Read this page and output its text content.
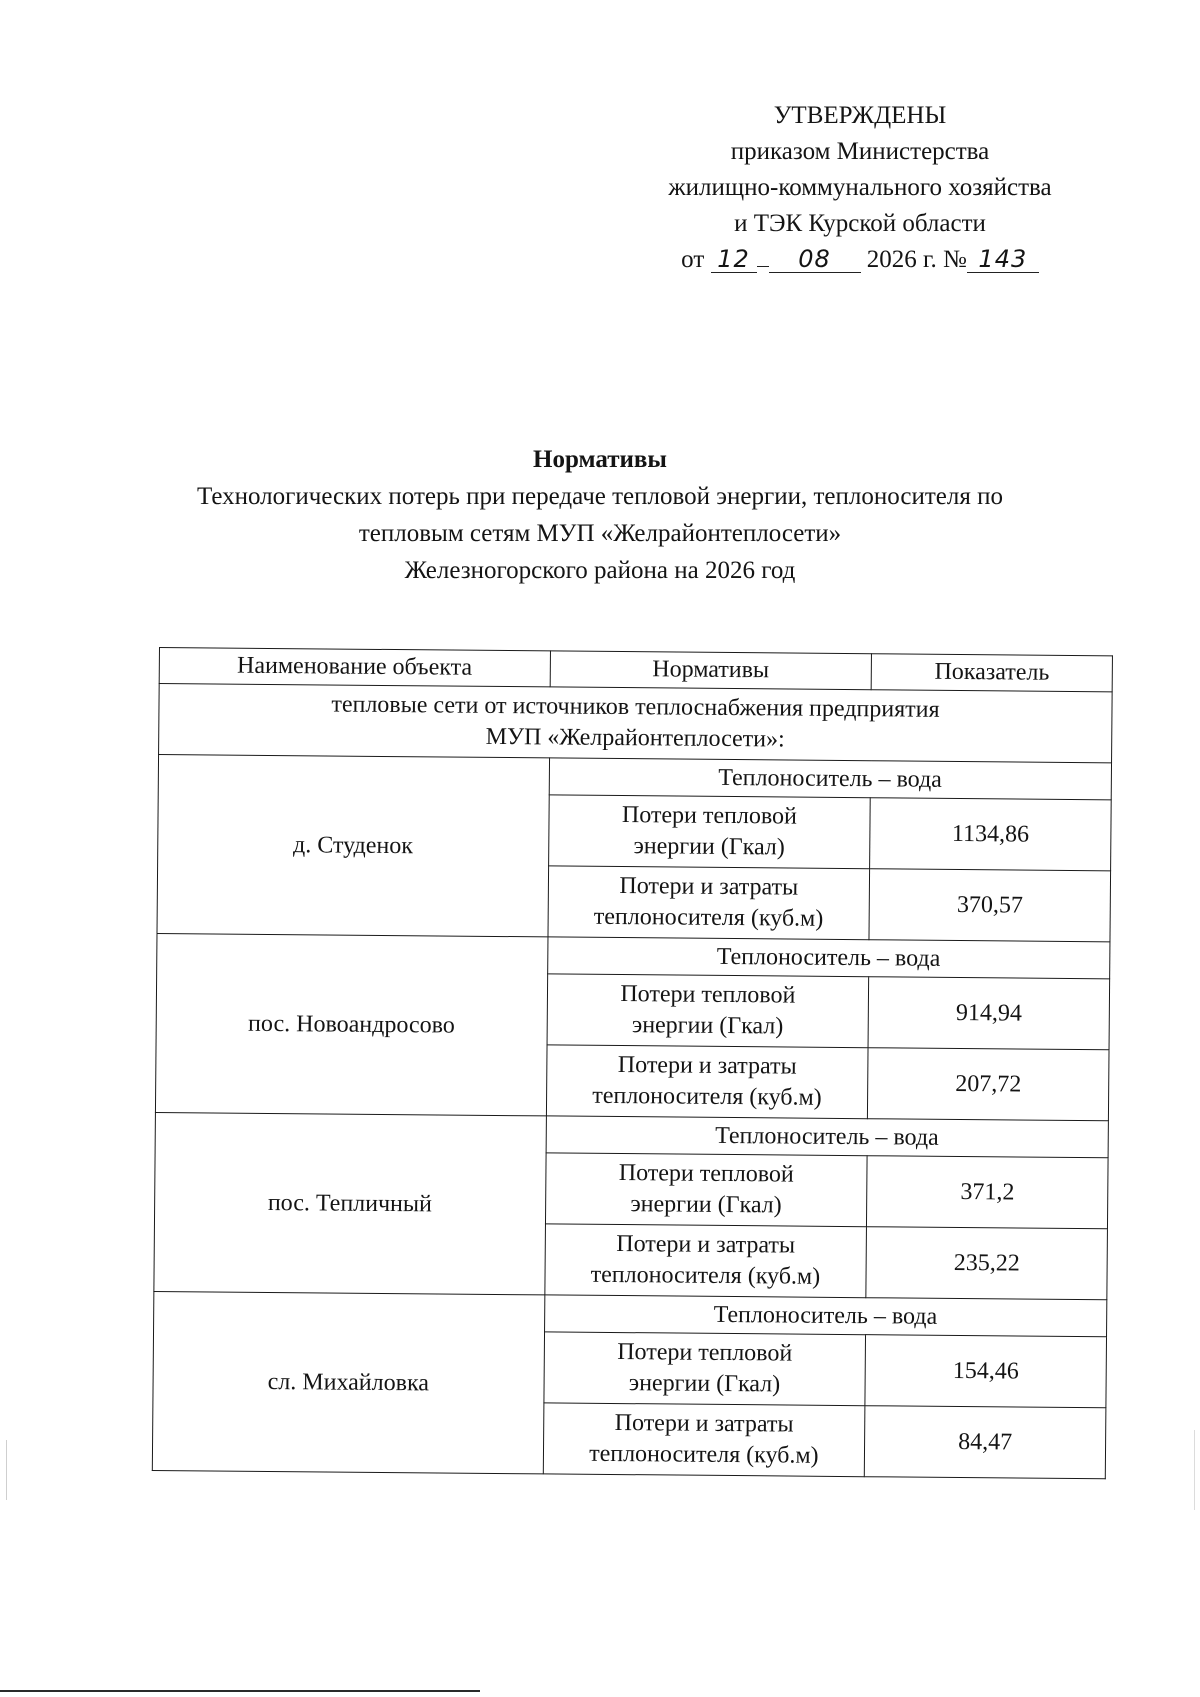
УТВЕРЖДЕНЫ
приказом Министерства
жилищно-коммунального хозяйства
и ТЭК Курской области
от 12 08 2026 г. № 143
Нормативы
Технологических потерь при передаче тепловой энергии, теплоносителя по
тепловым сетям МУП «Желрайонтеплосети»
Железногорского района на 2026 год
Наименование объекта	Нормативы	Показатель

тепловые сети от источников теплоснабжения предприятия
МУП «Желрайонтеплосети»:		

д. Студенок	Теплоноситель – вода	

	Потери тепловой
энергии (Гкал)	1134,86

	Потери и затраты
теплоносителя (куб.м)	370,57
пос. Новоандросово	Теплоноситель – вода	

	Потери тепловой
энергии (Гкал)	914,94

	Потери и затраты
теплоносителя (куб.м)	207,72
пос. Тепличный	Теплоноситель – вода	

	Потери тепловой
энергии (Гкал)	371,2

	Потери и затраты
теплоносителя (куб.м)	235,22
сл. Михайловка	Теплоноситель – вода	

	Потери тепловой
энергии (Гкал)	154,46

	Потери и затраты
теплоносителя (куб.м)	84,47
